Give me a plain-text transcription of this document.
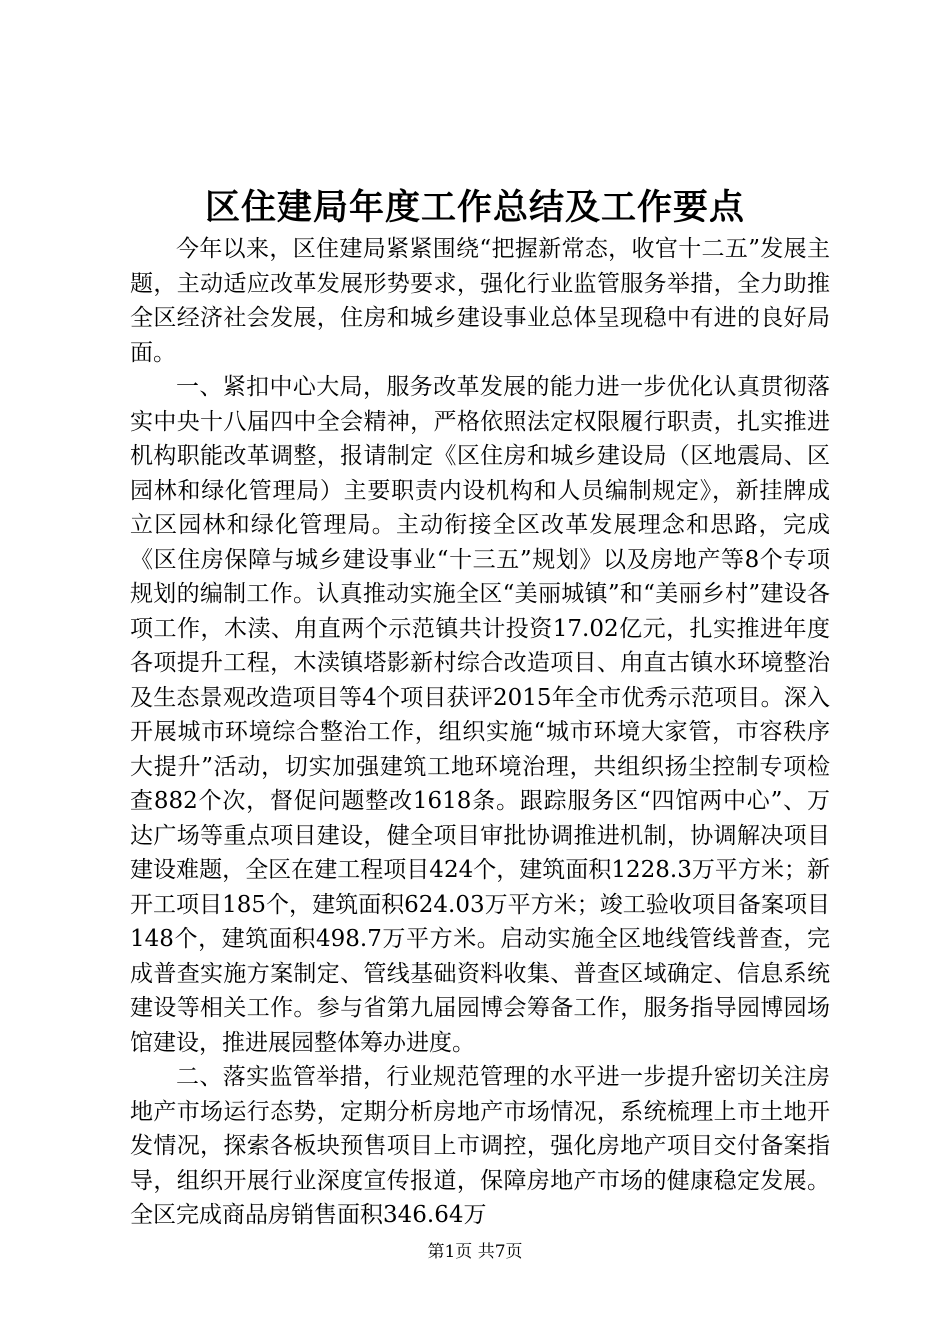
区住建局年度工作总结及工作要点

今年以来，区住建局紧紧围绕“把握新常态，收官十二五”发展主题，主动适应改革发展形势要求，强化行业监管服务举措，全力助推全区经济社会发展，住房和城乡建设事业总体呈现稳中有进的良好局面。

一、紧扣中心大局，服务改革发展的能力进一步优化认真贯彻落实中央十八届四中全会精神，严格依照法定权限履行职责，扎实推进机构职能改革调整，报请制定《区住房和城乡建设局（区地震局、区园林和绿化管理局）主要职责内设机构和人员编制规定》，新挂牌成立区园林和绿化管理局。主动衔接全区改革发展理念和思路，完成《区住房保障与城乡建设事业“十三五”规划》以及房地产等8个专项规划的编制工作。认真推动实施全区“美丽城镇”和“美丽乡村”建设各项工作，木渎、甪直两个示范镇共计投资17.02亿元，扎实推进年度各项提升工程，木渎镇塔影新村综合改造项目、甪直古镇水环境整治及生态景观改造项目等4个项目获评2015年全市优秀示范项目。深入开展城市环境综合整治工作，组织实施“城市环境大家管，市容秩序大提升”活动，切实加强建筑工地环境治理，共组织扬尘控制专项检查882个次，督促问题整改1618条。跟踪服务区“四馆两中心”、万达广场等重点项目建设，健全项目审批协调推进机制，协调解决项目建设难题，全区在建工程项目424个，建筑面积1228.3万平方米；新开工项目185个，建筑面积624.03万平方米；竣工验收项目备案项目148个，建筑面积498.7万平方米。启动实施全区地线管线普查，完成普查实施方案制定、管线基础资料收集、普查区域确定、信息系统建设等相关工作。参与省第九届园博会筹备工作，服务指导园博园场馆建设，推进展园整体筹办进度。

二、落实监管举措，行业规范管理的水平进一步提升密切关注房地产市场运行态势，定期分析房地产市场情况，系统梳理上市土地开发情况，探索各板块预售项目上市调控，强化房地产项目交付备案指导，组织开展行业深度宣传报道，保障房地产市场的健康稳定发展。全区完成商品房销售面积346.64万

第1页 共7页
